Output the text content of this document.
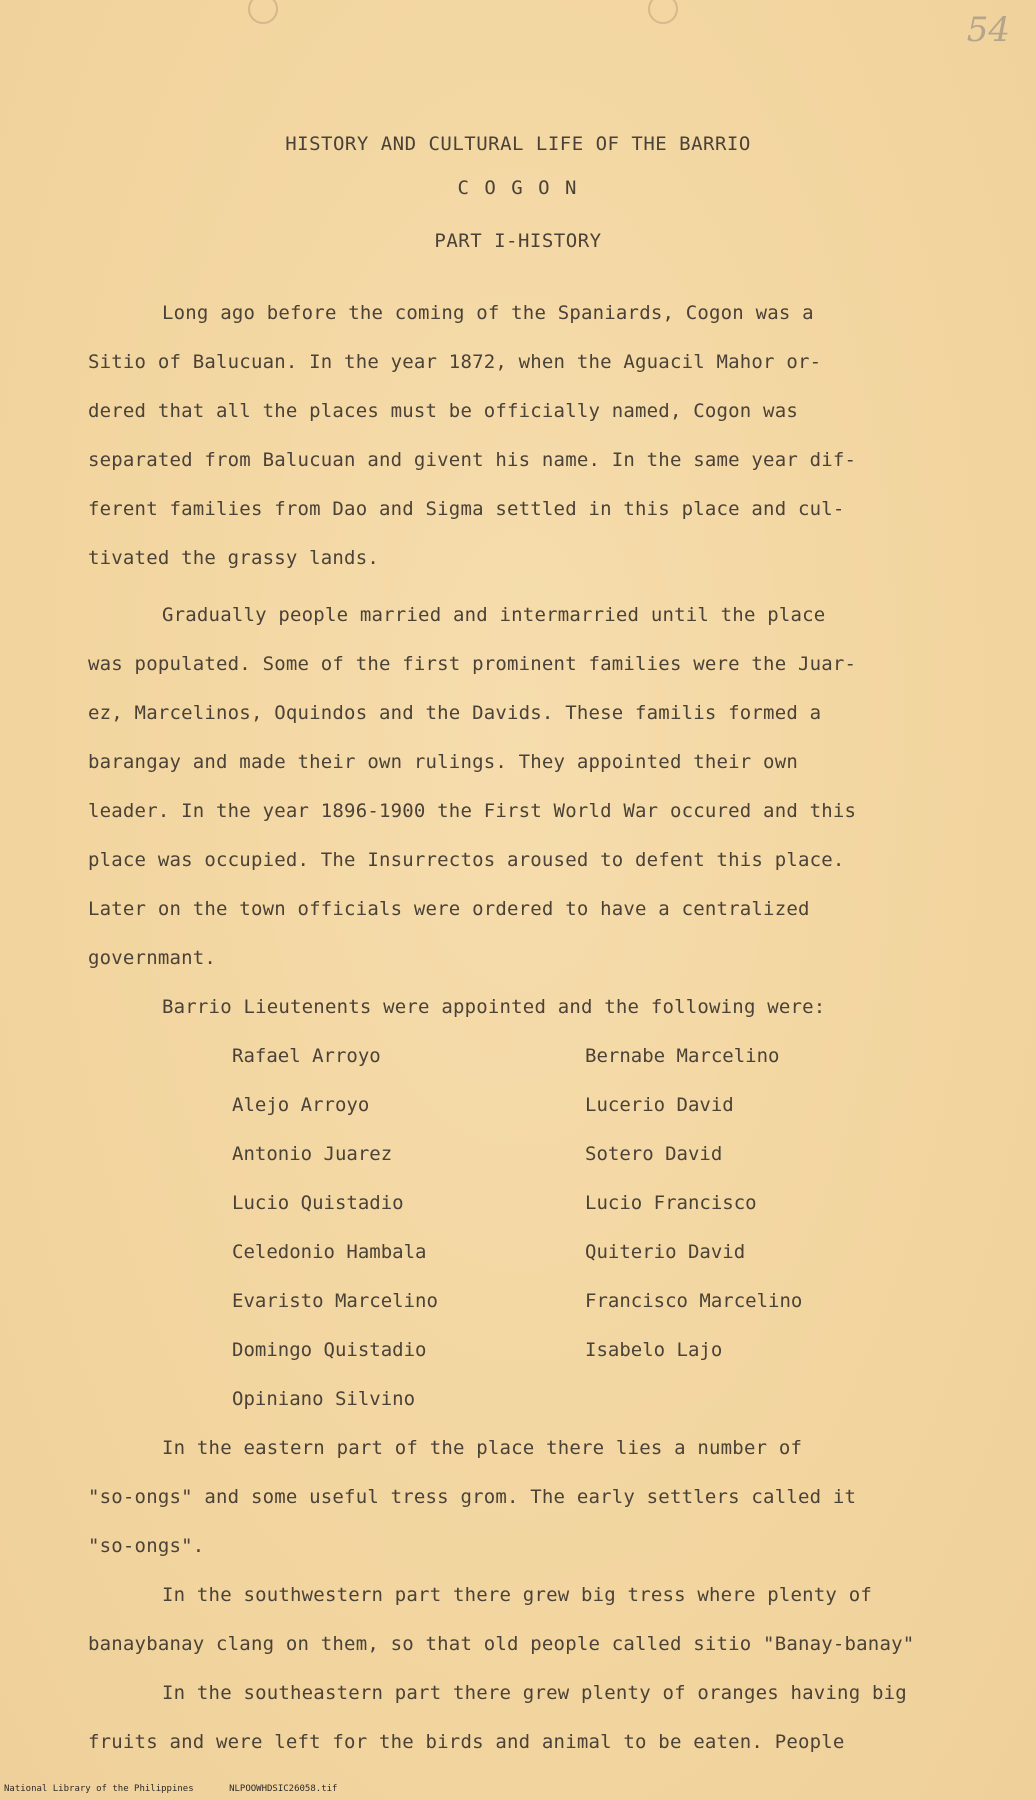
54
HISTORY AND CULTURAL LIFE OF THE BARRIO
C O G O N
PART I-HISTORY
Long ago before the coming of the Spaniards, Cogon was a
Sitio of Balucuan. In the year 1872, when the Aguacil Mahor or-
dered that all the places must be officially named, Cogon was
separated from Balucuan and givent his name. In the same year dif-
ferent families from Dao and Sigma settled in this place and cul-
tivated the grassy lands.
Gradually people married and intermarried until the place
was populated. Some of the first prominent families were the Juar-
ez, Marcelinos, Oquindos and the Davids. These familis formed a
barangay and made their own rulings. They appointed their own
leader. In the year 1896-1900 the First World War occured and this
place was occupied. The Insurrectos aroused to defent this place.
Later on the town officials were ordered to have a centralized
governmant.
Barrio Lieutenents were appointed and the following were:
Rafael Arroyo
Alejo Arroyo
Antonio Juarez
Lucio Quistadio
Celedonio Hambala
Evaristo Marcelino
Domingo Quistadio
Opiniano Silvino
Bernabe Marcelino
Lucerio David
Sotero David
Lucio Francisco
Quiterio David
Francisco Marcelino
Isabelo Lajo
In the eastern part of the place there lies a number of
"so-ongs" and some useful tress grom. The early settlers called it
"so-ongs".
In the southwestern part there grew big tress where plenty of
banaybanay clang on them, so that old people called sitio "Banay-banay"
In the southeastern part there grew plenty of oranges having big
fruits and were left for the birds and animal to be eaten. People
National Library of the Philippines	NLPOOWHDSIC26058.tif
